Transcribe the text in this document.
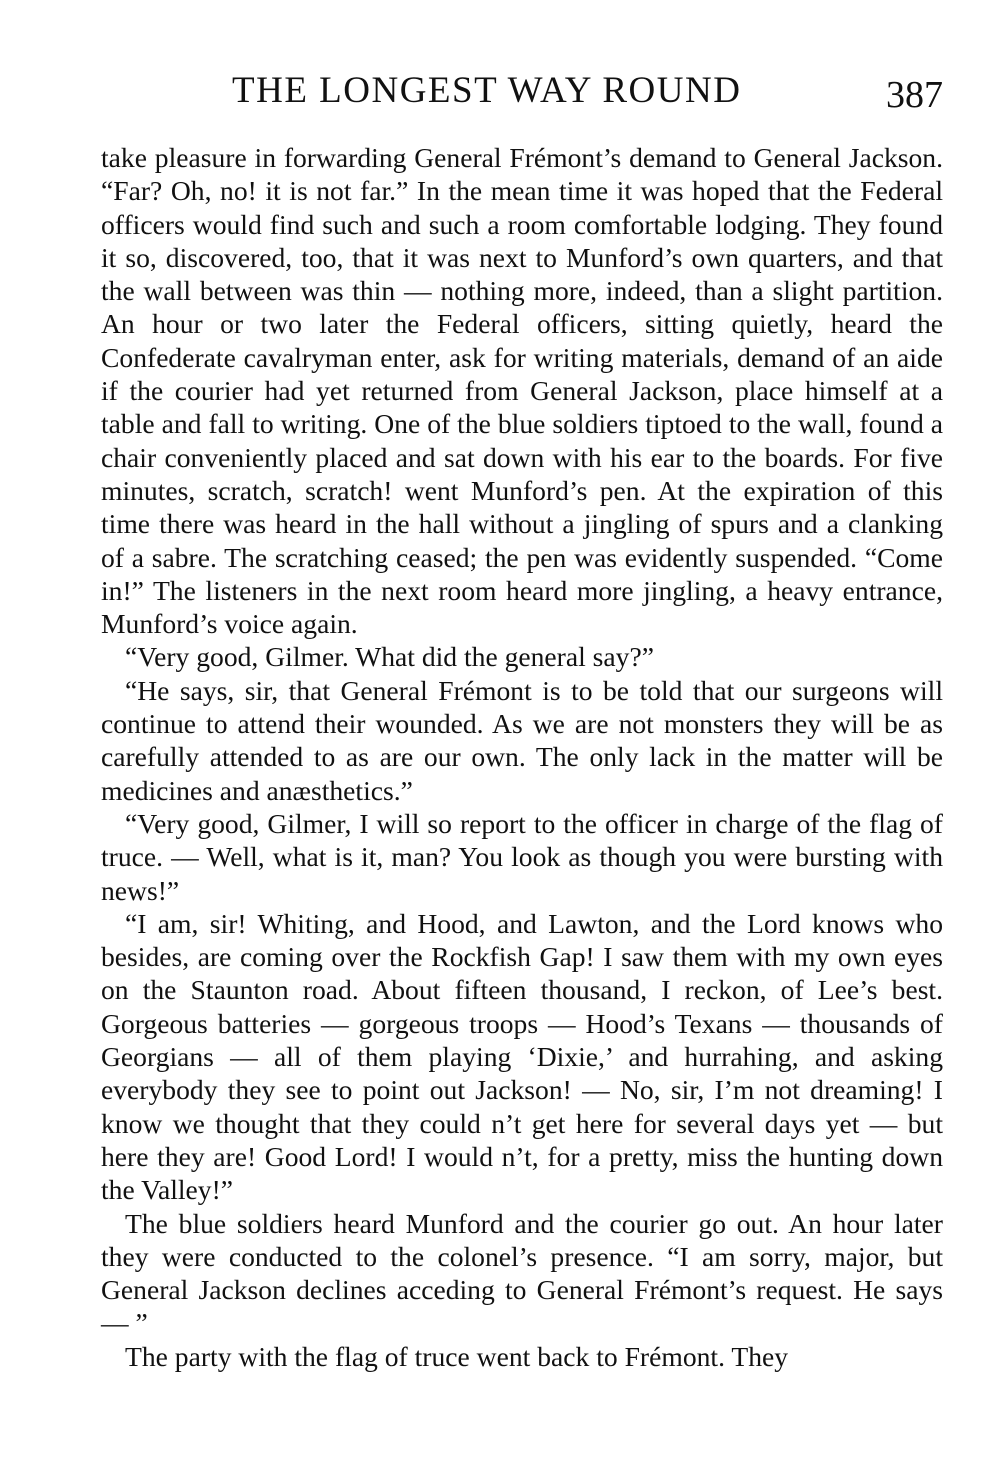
THE LONGEST WAY ROUND	387

take pleasure in forwarding General Frémont’s demand to General Jackson. “Far? Oh, no! it is not far.” In the mean time it was hoped that the Federal officers would find such and such a room comfortable lodging. They found it so, discovered, too, that it was next to Munford’s own quarters, and that the wall between was thin — nothing more, indeed, than a slight partition. An hour or two later the Federal officers, sitting quietly, heard the Confederate cavalryman enter, ask for writing materials, demand of an aide if the courier had yet returned from General Jackson, place himself at a table and fall to writing. One of the blue soldiers tiptoed to the wall, found a chair conveniently placed and sat down with his ear to the boards. For five minutes, scratch, scratch! went Munford’s pen. At the expiration of this time there was heard in the hall without a jingling of spurs and a clanking of a sabre. The scratching ceased; the pen was evidently suspended. “Come in!” The listeners in the next room heard more jingling, a heavy entrance, Munford’s voice again.

“Very good, Gilmer. What did the general say?”

“He says, sir, that General Frémont is to be told that our surgeons will continue to attend their wounded. As we are not monsters they will be as carefully attended to as are our own. The only lack in the matter will be medicines and anæsthetics.”

“Very good, Gilmer, I will so report to the officer in charge of the flag of truce. — Well, what is it, man? You look as though you were bursting with news!”

“I am, sir! Whiting, and Hood, and Lawton, and the Lord knows who besides, are coming over the Rockfish Gap! I saw them with my own eyes on the Staunton road. About fifteen thousand, I reckon, of Lee’s best. Gorgeous batteries — gorgeous troops — Hood’s Texans — thousands of Georgians — all of them playing ‘Dixie,’ and hurrahing, and asking everybody they see to point out Jackson! — No, sir, I’m not dreaming! I know we thought that they could n’t get here for several days yet — but here they are! Good Lord! I would n’t, for a pretty, miss the hunting down the Valley!”

The blue soldiers heard Munford and the courier go out. An hour later they were conducted to the colonel’s presence. “I am sorry, major, but General Jackson declines acceding to General Frémont’s request. He says — ”

The party with the flag of truce went back to Frémont. They
